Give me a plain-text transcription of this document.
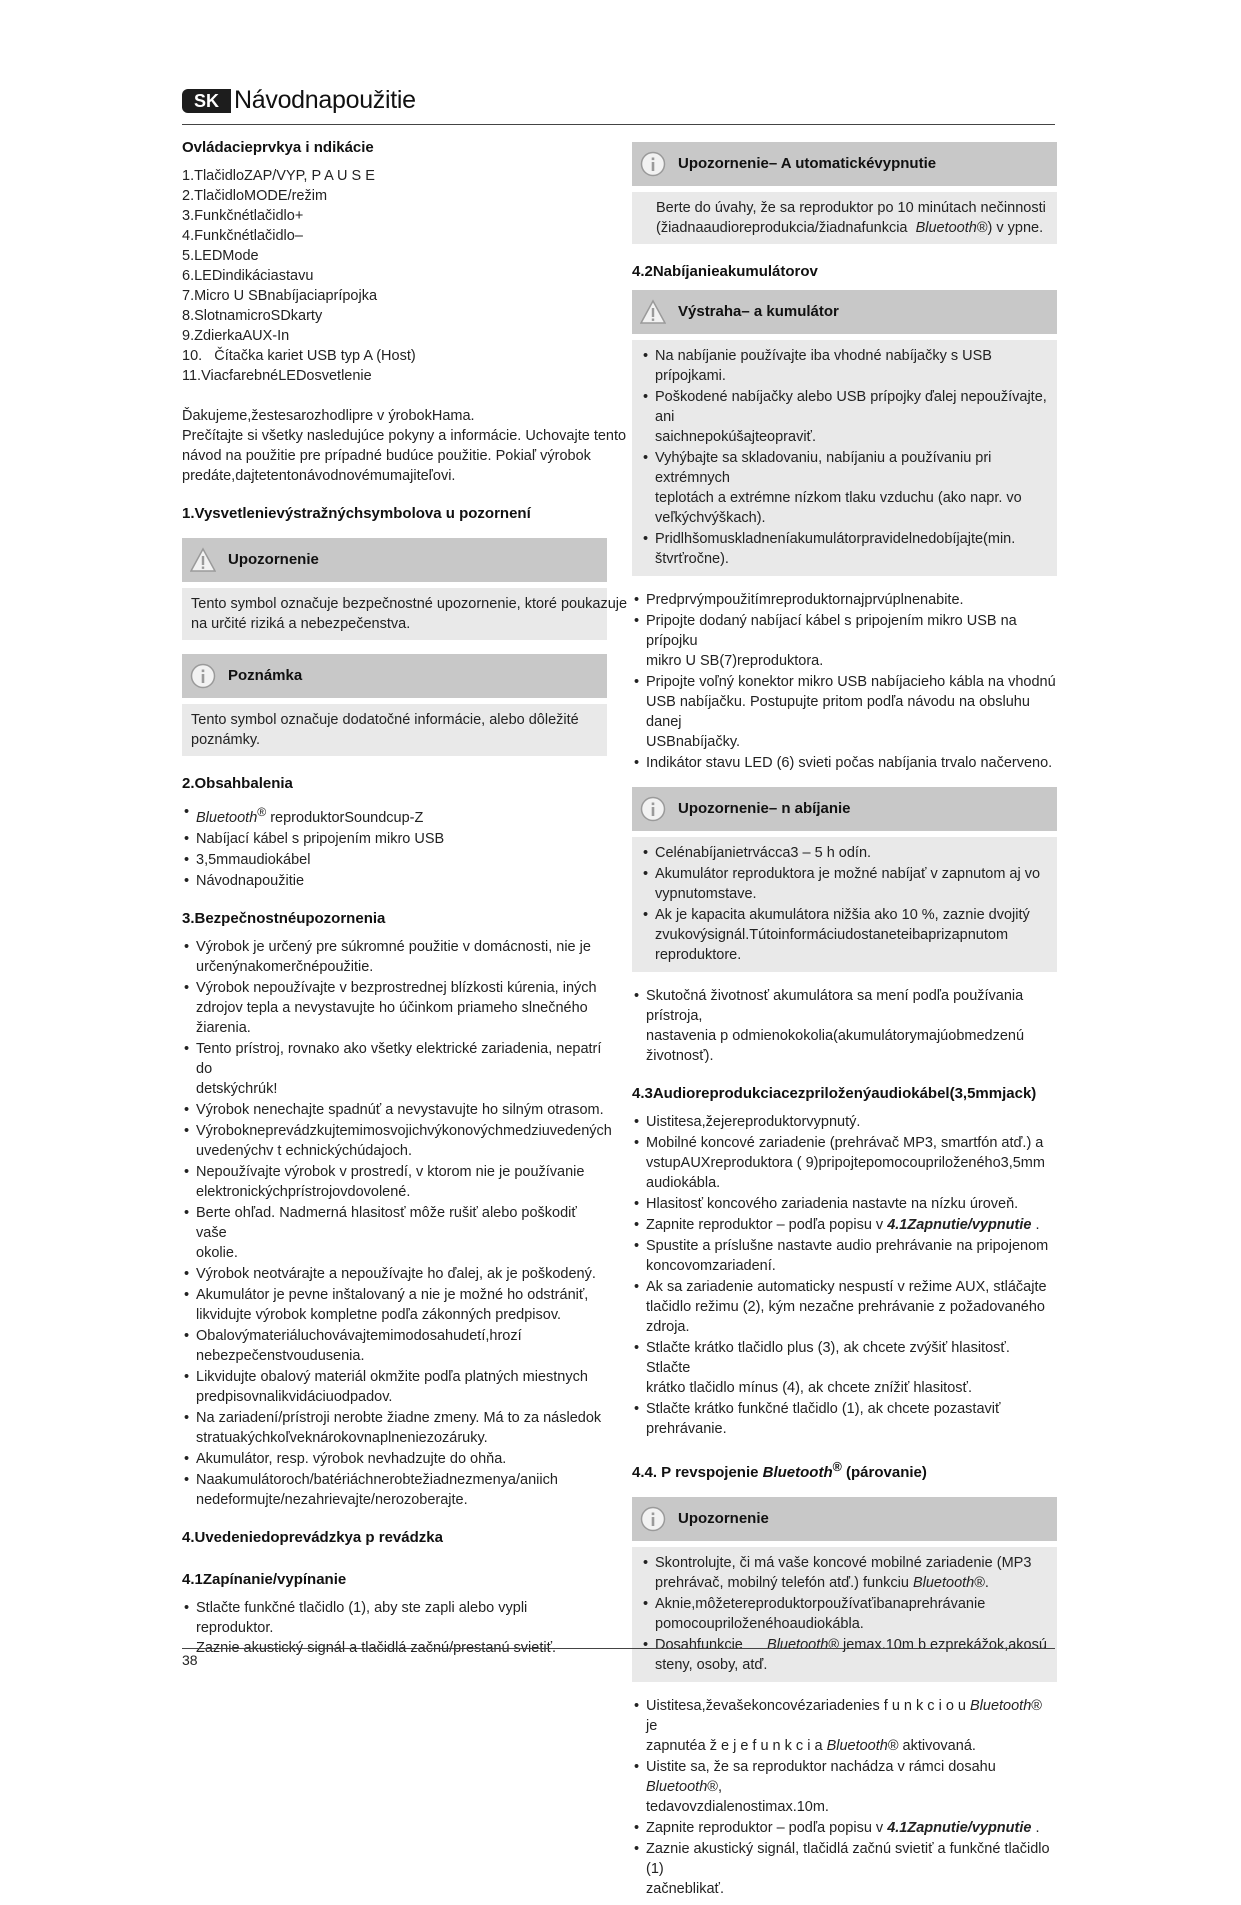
SK Návodnapoužitie
Ovládacieprvkya i ndikácie
1.TlačidloZAP/VYP, P A U S E
2.TlačidloMODE/režim
3.Funkčnétlačidlo+
4.Funkčnétlačidlo–
5.LEDMode
6.LEDindikáciastavu
7.Micro U SBnabíjaciaprípojka
8.SlotnamicroSDkarty
9.ZdierkaAUX-In
10.   Čítačka kariet USB typ A (Host)
11.ViacfarebnéLEDosvetlenie
Ďakujeme,žestesarozhodlipre v ýrobokHama.
Prečítajte si všetky nasledujúce pokyny a informácie. Uchovajte tento
návod na použitie pre prípadné budúce použitie. Pokiaľ výrobok
predáte,dajtetentonávodnovémumajiteľovi.
1.Vysvetlenievýstražnýchsymbolova u pozornení
Upozornenie
Tento symbol označuje bezpečnostné upozornenie, ktoré poukazuje
na určité riziká a nebezpečenstva.
Poznámka
Tento symbol označuje dodatočné informácie, alebo dôležité
poznámky.
2.Obsahbalenia
• Bluetooth® reproduktorSoundcup-Z
• Nabíjací kábel s pripojením mikro USB
• 3,5mmaudiokábel
• Návodnapoužitie
3.Bezpečnostnéupozornenia
• Výrobok je určený pre súkromné použitie v domácnosti, nie je
určenýnakomerčnépoužitie.
• Výrobok nepoužívajte v bezprostrednej blízkosti kúrenia, iných
zdrojov tepla a nevystavujte ho účinkom priameho slnečného
žiarenia.
• Tento prístroj, rovnako ako všetky elektrické zariadenia, nepatrí do
detskýchrúk!
• Výrobok nenechajte spadnúť a nevystavujte ho silným otrasom.
• Výrobokneprevádzkujtemimosvojichvýkonovýchmedziuvedených
uvedenýchv t echnickýchúdajoch.
• Nepoužívajte výrobok v prostredí, v ktorom nie je používanie
elektronickýchprístrojovdovolené.
• Berte ohľad. Nadmerná hlasitosť môže rušiť alebo poškodiť vaše
okolie.
• Výrobok neotvárajte a nepoužívajte ho ďalej, ak je poškodený.
• Akumulátor je pevne inštalovaný a nie je možné ho odstrániť,
likvidujte výrobok kompletne podľa zákonných predpisov.
• Obalovýmateriáluchovávajtemimodosahudetí,hrozí
nebezpečenstvoudusenia.
• Likvidujte obalový materiál okmžite podľa platných miestnych
predpisovnalikvidáciuodpadov.
• Na zariadení/prístroji nerobte žiadne zmeny. Má to za následok
stratuakýchkoľveknárokovnaplneniezozáruky.
• Akumulátor, resp. výrobok nevhadzujte do ohňa.
• Naakumulátoroch/batériáchnerobtežiadnezmenya/aniich
nedeformujte/nezahrievajte/nerozoberajte.
4.Uvedeniedoprevádzkya p revádzka
4.1Zapínanie/vypínanie
• Stlačte funkčné tlačidlo (1), aby ste zapli alebo vypli reproduktor.
Zaznie akustický signál a tlačidlá začnú/prestanú svietiť.
Upozornenie– A utomatickévypnutie
Berte do úvahy, že sa reproduktor po 10 minútach nečinnosti
(žiadnaaudioreprodukcia/žiadnafunkcia  Bluetooth®) v ypne.
4.2Nabíjanieakumulátorov
Výstraha– a kumulátor
• Na nabíjanie používajte iba vhodné nabíjačky s USB prípojkami.
• Poškodené nabíjačky alebo USB prípojky ďalej nepoužívajte, ani
saichnepokúšajteopraviť.
• Vyhýbajte sa skladovaniu, nabíjaniu a používaniu pri extrémnych
teplotách a extrémne nízkom tlaku vzduchu (ako napr. vo
veľkýchvýškach).
• Pridlhšomuskladneníakumulátorpravidelnedobíjajte(min.
štvrťročne).
• Predprvýmpoužitímreproduktornajprvúplnenabite.
• Pripojte dodaný nabíjací kábel s pripojením mikro USB na prípojku
mikro U SB(7)reproduktora.
• Pripojte voľný konektor mikro USB nabíjacieho kábla na vhodnú
USB nabíjačku. Postupujte pritom podľa návodu na obsluhu danej
USBnabíjačky.
• Indikátor stavu LED (6) svieti počas nabíjania trvalo načerveno.
Upozornenie– n abíjanie
• Celénabíjanietrvácca3 – 5 h odín.
• Akumulátor reproduktora je možné nabíjať v zapnutom aj vo
vypnutomstave.
• Ak je kapacita akumulátora nižšia ako 10 %, zaznie dvojitý
zvukovýsignál.Tútoinformáciudostaneteibaprizapnutom
reproduktore.
• Skutočná životnosť akumulátora sa mení podľa používania prístroja,
nastavenia p odmienokokolia(akumulátorymajúobmedzenú
životnosť).
4.3Audioreprodukciacezpriloženýaudiokábel(3,5mmjack)
• Uistitesa,žejereproduktorvypnutý.
• Mobilné koncové zariadenie (prehrávač MP3, smartfón atď.) a
vstupAUXreproduktora ( 9)pripojtepomocoupriloženého3,5mm
audiokábla.
• Hlasitosť koncového zariadenia nastavte na nízku úroveň.
• Zapnite reproduktor – podľa popisu v 4.1Zapnutie/vypnutie .
• Spustite a príslušne nastavte audio prehrávanie na pripojenom
koncovomzariadení.
• Ak sa zariadenie automaticky nespustí v režime AUX, stláčajte
tlačidlo režimu (2), kým nezačne prehrávanie z požadovaného
zdroja.
• Stlačte krátko tlačidlo plus (3), ak chcete zvýšiť hlasitosť. Stlačte
krátko tlačidlo mínus (4), ak chcete znížiť hlasitosť.
• Stlačte krátko funkčné tlačidlo (1), ak chcete pozastaviť prehrávanie.
4.4. P revspojenie Bluetooth® (párovanie)
Upozornenie
• Skontrolujte, či má vaše koncové mobilné zariadenie (MP3
prehrávač, mobilný telefón atď.) funkciu Bluetooth®.
• Aknie,môžetereproduktorpoužívaťibanaprehrávanie
pomocoupriloženéhoaudiokábla.
• Dosahfunkcie      Bluetooth® jemax.10m b ezprekážok,akosú
steny, osoby, atď.
• Uistitesa,ževašekoncovézariadenies f u n k c i o u Bluetooth® je
zapnutéa ž e j e f u n k c i a Bluetooth® aktivovaná.
• Uistite sa, že sa reproduktor nachádza v rámci dosahu Bluetooth®,
tedavovzdialenostimax.10m.
• Zapnite reproduktor – podľa popisu v 4.1Zapnutie/vypnutie .
• Zaznie akustický signál, tlačidlá začnú svietiť a funkčné tlačidlo (1)
začneblikať.
38
